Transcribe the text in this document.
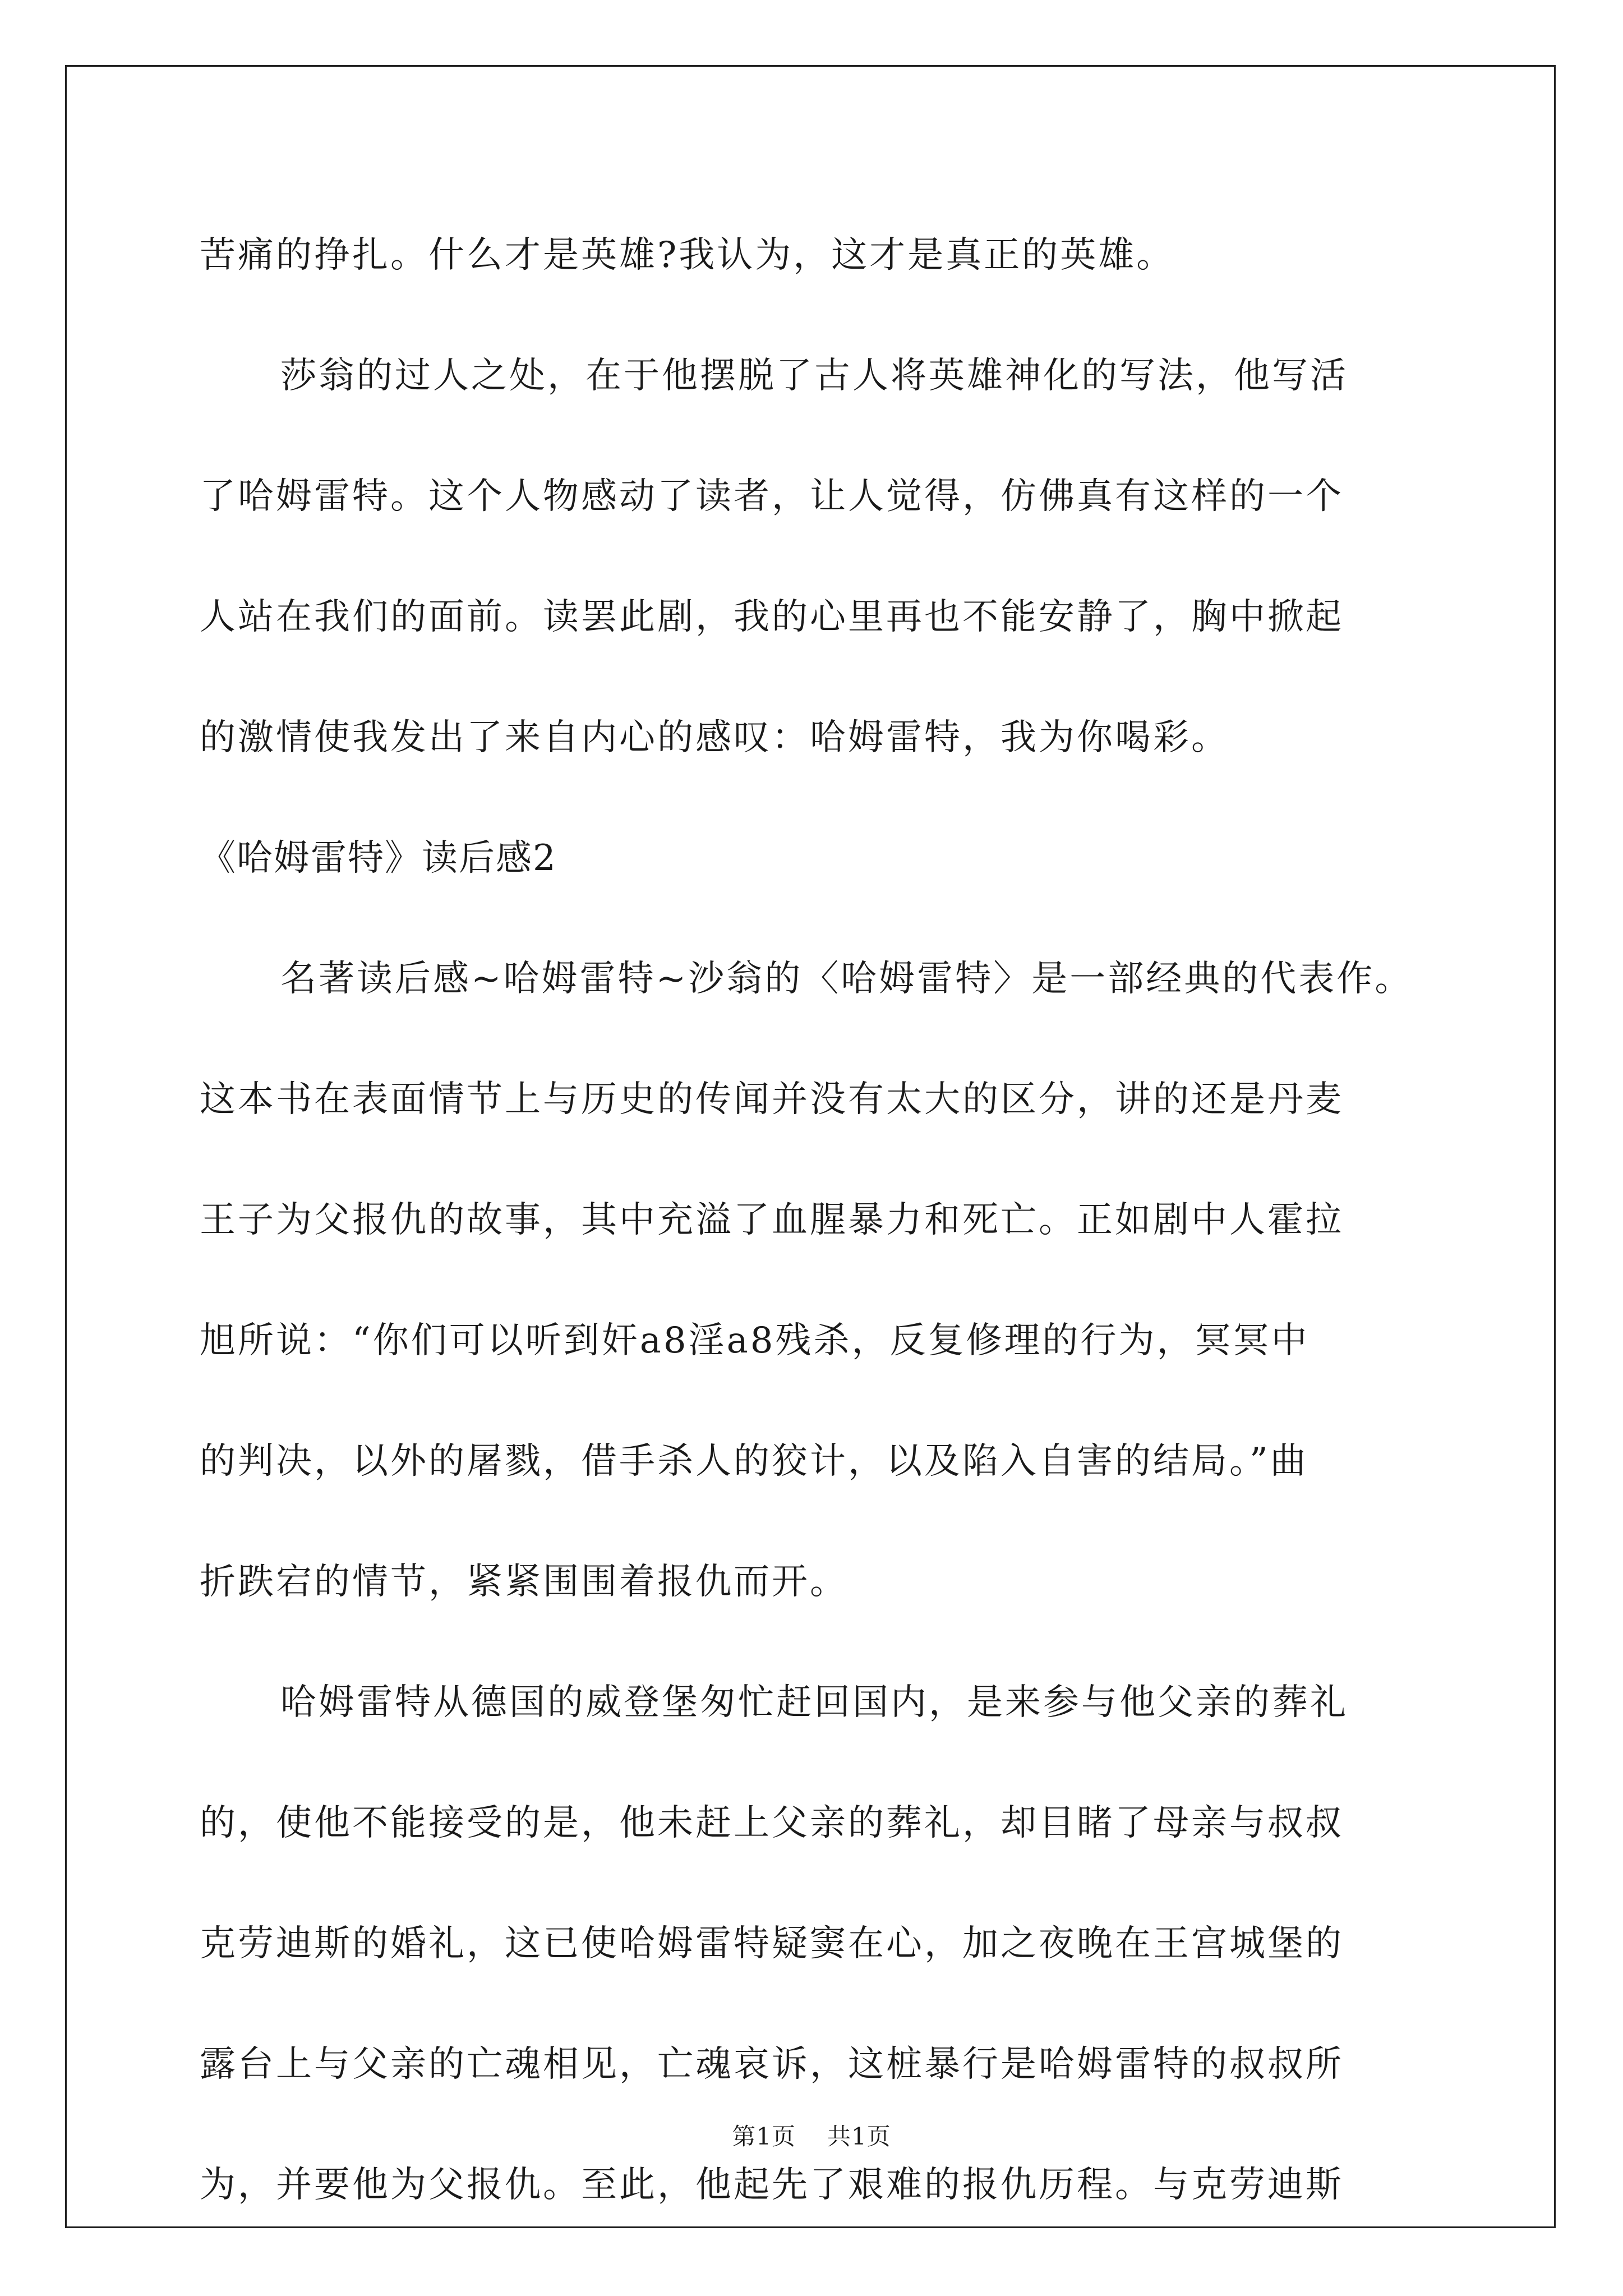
苦痛的挣扎。什么才是英雄?我认为，这才是真正的英雄。
莎翁的过人之处，在于他摆脱了古人将英雄神化的写法，他写活
了哈姆雷特。这个人物感动了读者，让人觉得，仿佛真有这样的一个
人站在我们的面前。读罢此剧，我的心里再也不能安静了，胸中掀起
的激情使我发出了来自内心的感叹：哈姆雷特，我为你喝彩。
《哈姆雷特》读后感2
名著读后感~哈姆雷特~沙翁的〈哈姆雷特〉是一部经典的代表作。
这本书在表面情节上与历史的传闻并没有太大的区分，讲的还是丹麦
王子为父报仇的故事，其中充溢了血腥暴力和死亡。正如剧中人霍拉
旭所说：“你们可以听到奸a8淫a8残杀，反复修理的行为，冥冥中
的判决，以外的屠戮，借手杀人的狡计，以及陷入自害的结局。”曲
折跌宕的情节，紧紧围围着报仇而开。
哈姆雷特从德国的威登堡匆忙赶回国内，是来参与他父亲的葬礼
的，使他不能接受的是，他未赶上父亲的葬礼，却目睹了母亲与叔叔
克劳迪斯的婚礼，这已使哈姆雷特疑窦在心，加之夜晚在王宫城堡的
露台上与父亲的亡魂相见，亡魂哀诉，这桩暴行是哈姆雷特的叔叔所
为，并要他为父报仇。至此，他起先了艰难的报仇历程。与克劳迪斯
第1页 共1页
